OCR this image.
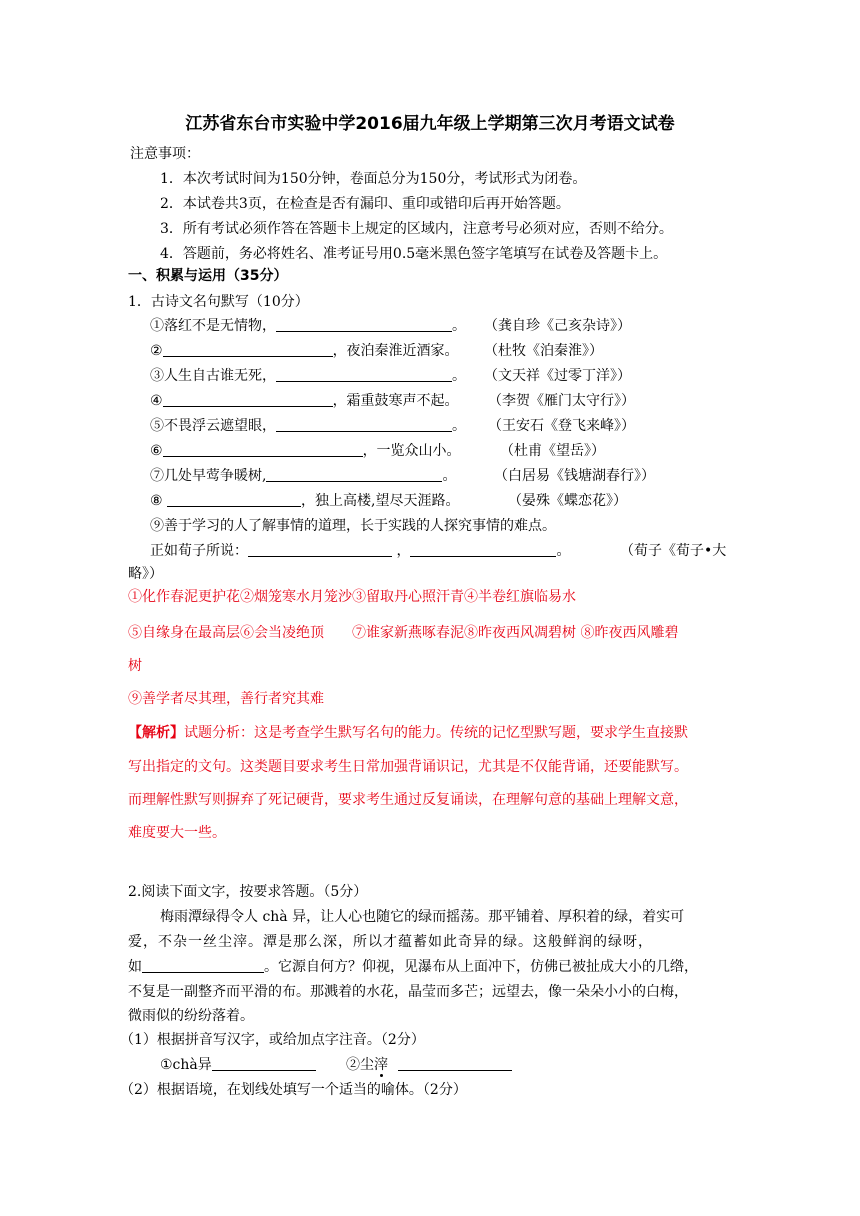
江苏省东台市实验中学2016届九年级上学期第三次月考语文试卷
注意事项：
1．本次考试时间为150分钟，卷面总分为150分，考试形式为闭卷。
2．本试卷共3页，在检查是否有漏印、重印或错印后再开始答题。
3．所有考试必须作答在答题卡上规定的区域内，注意考号必须对应，否则不给分。
4．答题前，务必将姓名、准考证号用0.5毫米黑色签字笔填写在试卷及答题卡上。
一、积累与运用（35分）
1．古诗文名句默写（10分）
①落红不是无情物，	。 （龚自珍《己亥杂诗》）
②	，夜泊秦淮近酒家。 （杜牧《泊秦淮》）
③人生自古谁无死，	。 （文天祥《过零丁洋》）
④	，霜重鼓寒声不起。 （李贺《雁门太守行》）
⑤不畏浮云遮望眼，	。 （王安石《登飞来峰》）
⑥	，一览众山小。	（杜甫《望岳》）
⑦几处早莺争暖树,	。	（白居易《钱塘湖春行》）
⑧	，独上高楼,望尽天涯路。	（晏殊《蝶恋花》）
⑨善于学习的人了解事情的道理，长于实践的人探究事情的难点。
正如荀子所说：	，	。	（荀子《荀子•大
略》）
①化作春泥更护花②烟笼寒水月笼沙③留取丹心照汗青④半卷红旗临易水
⑤自缘身在最高层⑥会当凌绝顶　　⑦谁家新燕啄春泥⑧昨夜西风凋碧树 ⑧昨夜西风雕碧
树
⑨善学者尽其理，善行者究其难
【解析】试题分析：这是考查学生默写名句的能力。传统的记忆型默写题，要求学生直接默
写出指定的文句。这类题目要求考生日常加强背诵识记，尤其是不仅能背诵，还要能默写。
而理解性默写则摒弃了死记硬背，要求考生通过反复诵读，在理解句意的基础上理解文意，
难度要大一些。
2.阅读下面文字，按要求答题。（5分）
梅雨潭绿得令人 chà 异，让人心也随它的绿而摇荡。那平铺着、厚积着的绿，着实可
爱，不杂一丝尘滓。潭是那么深，所以才蕴蓄如此奇异的绿。这般鲜润的绿呀，
如	。它源自何方？仰视，见瀑布从上面冲下，仿佛已被扯成大小的几绺，
不复是一副整齐而平滑的布。那溅着的水花，晶莹而多芒；远望去，像一朵朵小小的白梅，
微雨似的纷纷落着。
（1）根据拼音写汉字，或给加点字注音。（2分）
①chà异	②尘滓
（2）根据语境，在划线处填写一个适当的喻体。（2分）
